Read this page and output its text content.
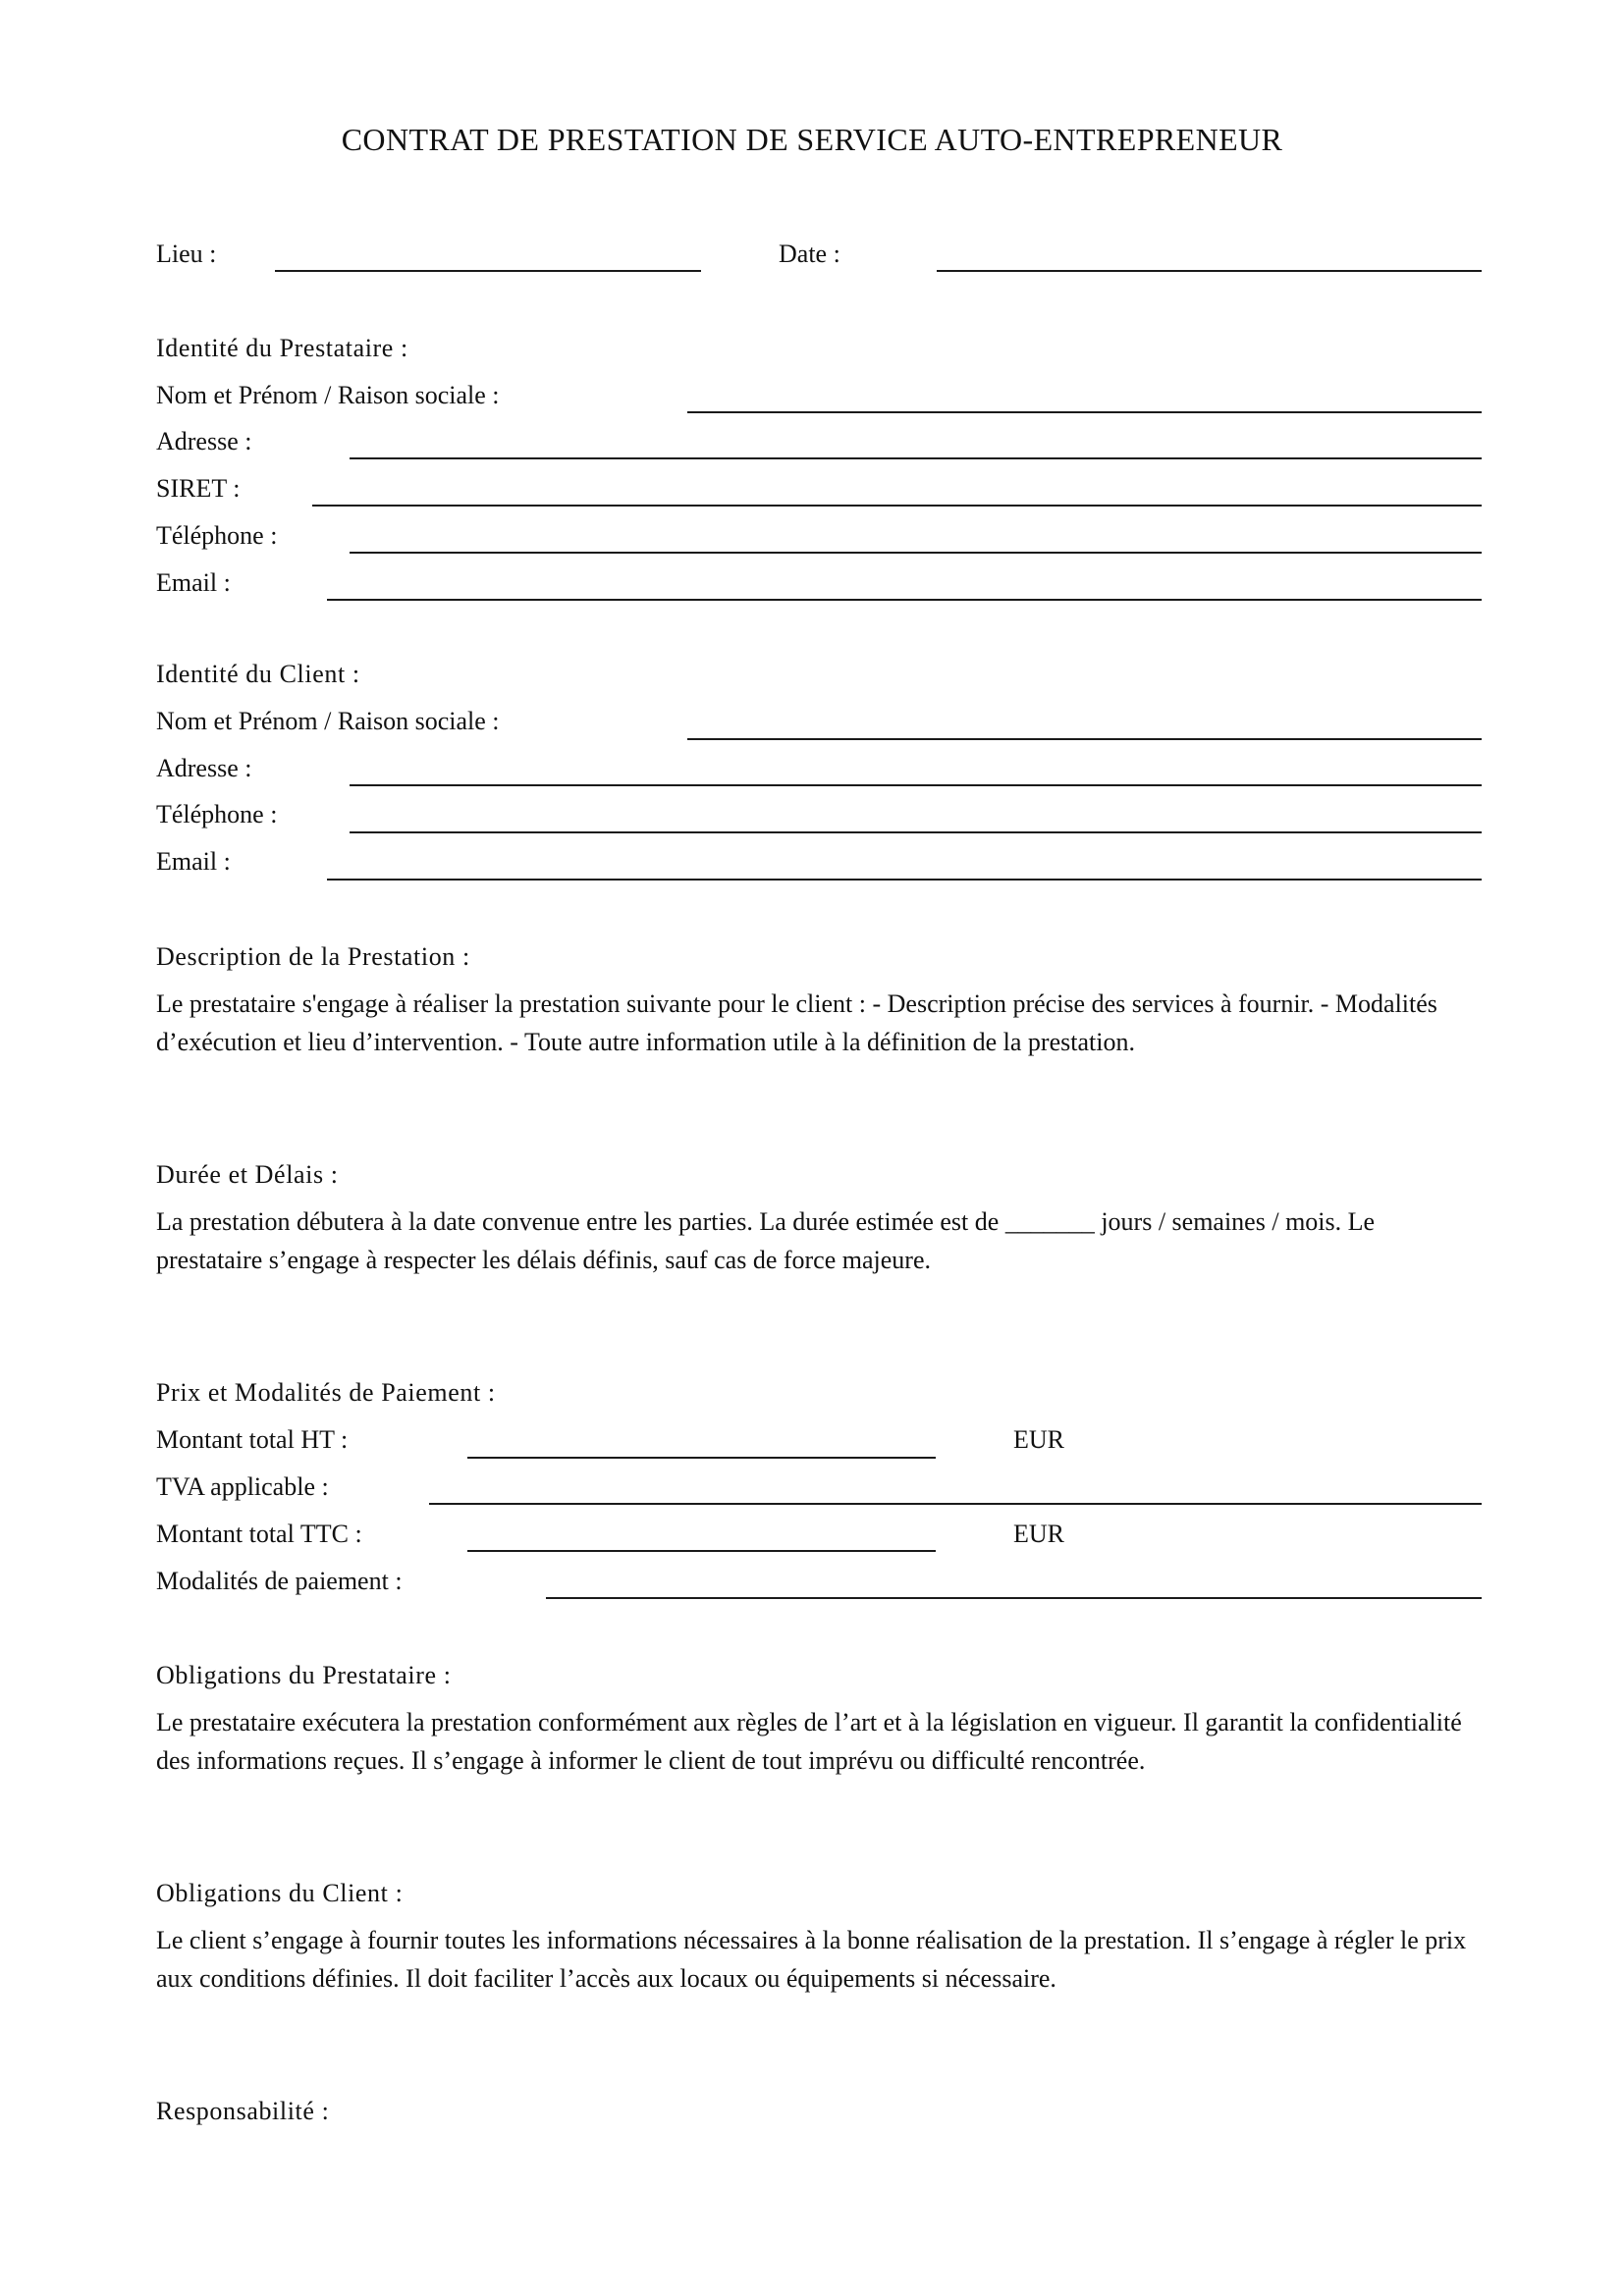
CONTRAT DE PRESTATION DE SERVICE AUTO-ENTREPRENEUR
Lieu :	Date :
Identité du Prestataire :
Nom et Prénom / Raison sociale :
Adresse :
SIRET :
Téléphone :
Email :
Identité du Client :
Nom et Prénom / Raison sociale :
Adresse :
Téléphone :
Email :
Description de la Prestation :
Le prestataire s'engage à réaliser la prestation suivante pour le client : - Description précise des services à fournir. - Modalités d’exécution et lieu d’intervention. - Toute autre information utile à la définition de la prestation.
Durée et Délais :
La prestation débutera à la date convenue entre les parties. La durée estimée est de _______ jours / semaines / mois. Le prestataire s’engage à respecter les délais définis, sauf cas de force majeure.
Prix et Modalités de Paiement :
Montant total HT :	EUR
TVA applicable :
Montant total TTC :	EUR
Modalités de paiement :
Obligations du Prestataire :
Le prestataire exécutera la prestation conformément aux règles de l’art et à la législation en vigueur. Il garantit la confidentialité des informations reçues. Il s’engage à informer le client de tout imprévu ou difficulté rencontrée.
Obligations du Client :
Le client s’engage à fournir toutes les informations nécessaires à la bonne réalisation de la prestation. Il s’engage à régler le prix aux conditions définies. Il doit faciliter l’accès aux locaux ou équipements si nécessaire.
Responsabilité :
